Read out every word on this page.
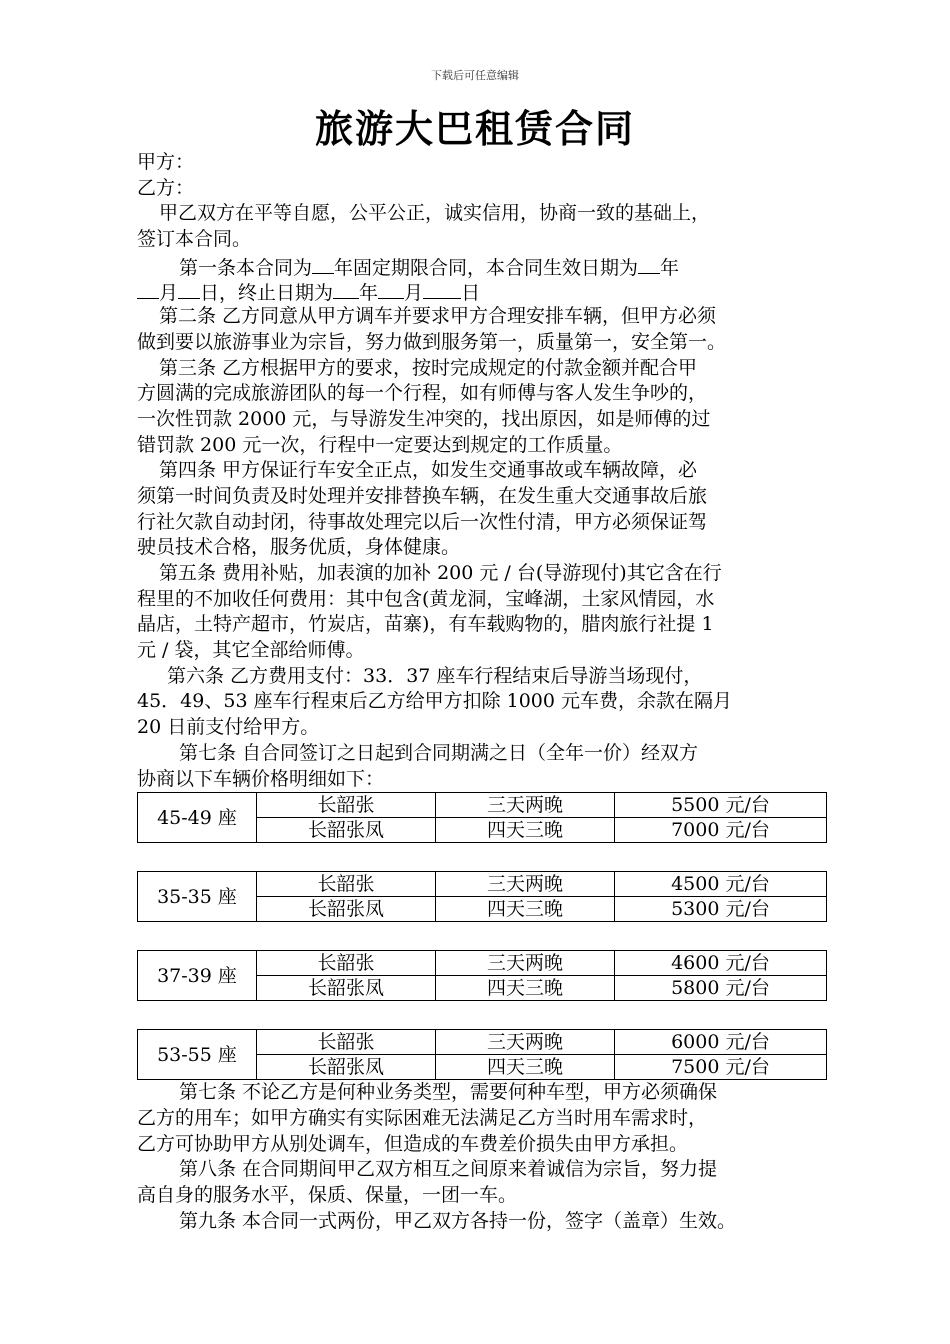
下载后可任意编辑
旅游大巴租赁合同
甲方：
乙方：
甲乙双方在平等自愿，公平公正，诚实信用，协商一致的基础上，
签订本合同。
第一条本合同为 年固定期限合同，本合同生效日期为 年
月 日，终止日期为 年 月 日
第二条 乙方同意从甲方调车并要求甲方合理安排车辆，但甲方必须
做到要以旅游事业为宗旨，努力做到服务第一，质量第一，安全第一。
第三条 乙方根据甲方的要求，按时完成规定的付款金额并配合甲
方圆满的完成旅游团队的每一个行程，如有师傅与客人发生争吵的，
一次性罚款 2000 元，与导游发生冲突的，找出原因，如是师傅的过
错罚款 200 元一次，行程中一定要达到规定的工作质量。
第四条 甲方保证行车安全正点，如发生交通事故或车辆故障，必
须第一时间负责及时处理并安排替换车辆，在发生重大交通事故后旅
行社欠款自动封闭，待事故处理完以后一次性付清，甲方必须保证驾
驶员技术合格，服务优质，身体健康。
第五条 费用补贴，加表演的加补 200 元 / 台(导游现付)其它含在行
程里的不加收任何费用：其中包含(黄龙洞，宝峰湖，土家风情园，水
晶店，土特产超市，竹炭店，苗寨)，有车载购物的，腊肉旅行社提 1
元 / 袋，其它全部给师傅。
第六条 乙方费用支付：33．37 座车行程结束后导游当场现付，
45．49、53 座车行程束后乙方给甲方扣除 1000 元车费，余款在隔月
20 日前支付给甲方。
第七条 自合同签订之日起到合同期满之日（全年一价）经双方
协商以下车辆价格明细如下：
45-49 座	长韶张	三天两晚	5500 元/台
	长韶张凤	四天三晚	7000 元/台
35-35 座	长韶张	三天两晚	4500 元/台
	长韶张凤	四天三晚	5300 元/台
37-39 座	长韶张	三天两晚	4600 元/台
	长韶张凤	四天三晚	5800 元/台
53-55 座	长韶张	三天两晚	6000 元/台
	长韶张凤	四天三晚	7500 元/台
第七条 不论乙方是何种业务类型，需要何种车型，甲方必须确保
乙方的用车；如甲方确实有实际困难无法满足乙方当时用车需求时，
乙方可协助甲方从别处调车，但造成的车费差价损失由甲方承担。
第八条 在合同期间甲乙双方相互之间原来着诚信为宗旨，努力提
高自身的服务水平，保质、保量，一团一车。
第九条 本合同一式两份，甲乙双方各持一份，签字（盖章）生效。
